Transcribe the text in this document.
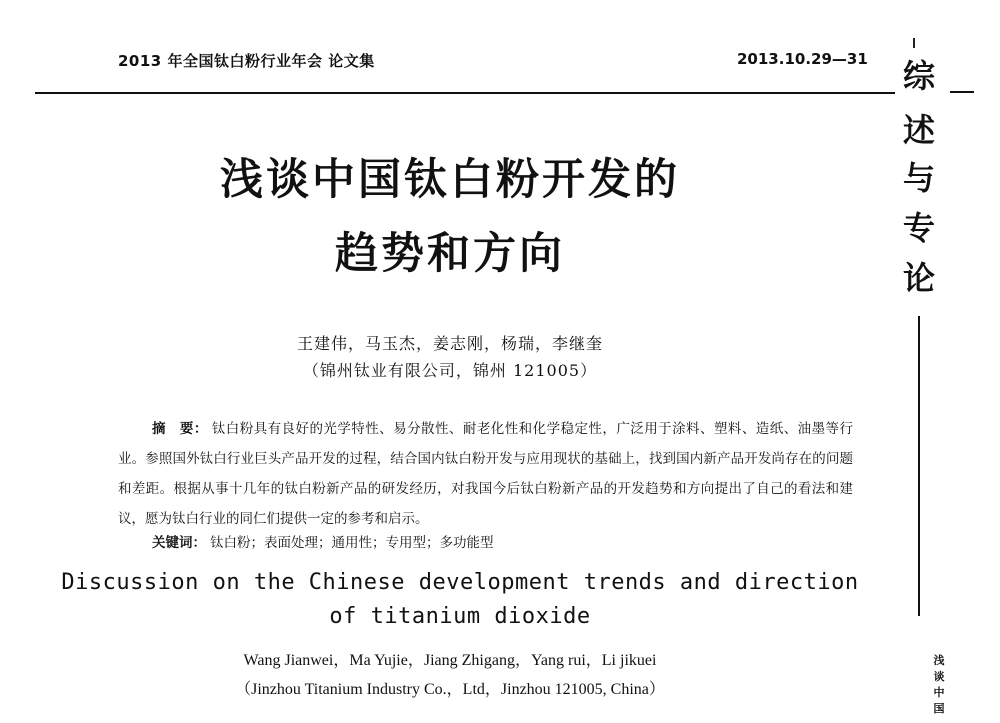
2013 年全国钛白粉行业年会 论文集	2013.10.29—31 综
述
与
专
论
浅
谈
中
国
浅谈中国钛白粉开发的
趋势和方向
王建伟，马玉杰，姜志刚，杨瑞，李继奎
（锦州钛业有限公司，锦州 121005）
摘　要： 钛白粉具有良好的光学特性、易分散性、耐老化性和化学稳定性，广泛用于涂料、塑料、造纸、油墨等行业。参照国外钛白行业巨头产品开发的过程，结合国内钛白粉开发与应用现状的基础上，找到国内新产品开发尚存在的问题和差距。根据从事十几年的钛白粉新产品的研发经历，对我国今后钛白粉新产品的开发趋势和方向提出了自己的看法和建议，愿为钛白行业的同仁们提供一定的参考和启示。
关键词： 钛白粉；表面处理；通用性；专用型；多功能型
Discussion on the Chinese development trends and direction
of titanium dioxide
Wang Jianwei，Ma Yujie，Jiang Zhigang，Yang rui，Li jikuei
（Jinzhou Titanium Industry Co.，Ltd，Jinzhou 121005, China）
